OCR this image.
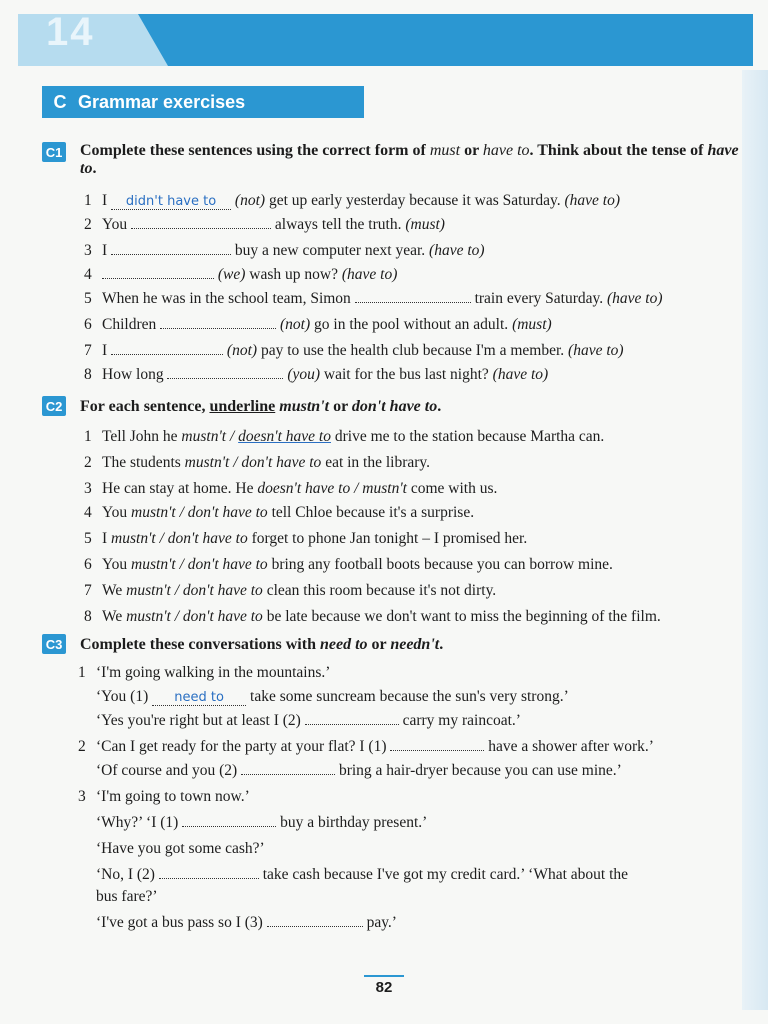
14
C Grammar exercises
C1 Complete these sentences using the correct form of must or have to. Think about the tense of have to.
1 I didn't have to (not) get up early yesterday because it was Saturday. (have to)
2 You	always tell the truth. (must)
3 I	buy a new computer next year. (have to)
4	(we) wash up now? (have to)
5 When he was in the school team, Simon	train every Saturday. (have to)
6 Children	(not) go in the pool without an adult. (must)
7 I	(not) pay to use the health club because I'm a member. (have to)
8 How long	(you) wait for the bus last night? (have to)
C2 For each sentence, underline mustn't or don't have to.
1 Tell John he mustn't / doesn't have to drive me to the station because Martha can.
2 The students mustn't / don't have to eat in the library.
3 He can stay at home. He doesn't have to / mustn't come with us.
4 You mustn't / don't have to tell Chloe because it's a surprise.
5 I mustn't / don't have to forget to phone Jan tonight – I promised her.
6 You mustn't / don't have to bring any football boots because you can borrow mine.
7 We mustn't / don't have to clean this room because it's not dirty.
8 We mustn't / don't have to be late because we don't want to miss the beginning of the film.
C3 Complete these conversations with need to or needn't.
1 ‘I'm going walking in the mountains.’
‘You (1) need to take some suncream because the sun's very strong.’
‘Yes you're right but at least I (2)	carry my raincoat.’
2 ‘Can I get ready for the party at your flat? I (1)	have a shower after work.’
‘Of course and you (2)	bring a hair-dryer because you can use mine.’
3 ‘I'm going to town now.’
‘Why?’ ‘I (1)	buy a birthday present.’
‘Have you got some cash?’
‘No, I (2)	take cash because I've got my credit card.’ ‘What about the
bus fare?’
‘I've got a bus pass so I (3)	pay.’
82
